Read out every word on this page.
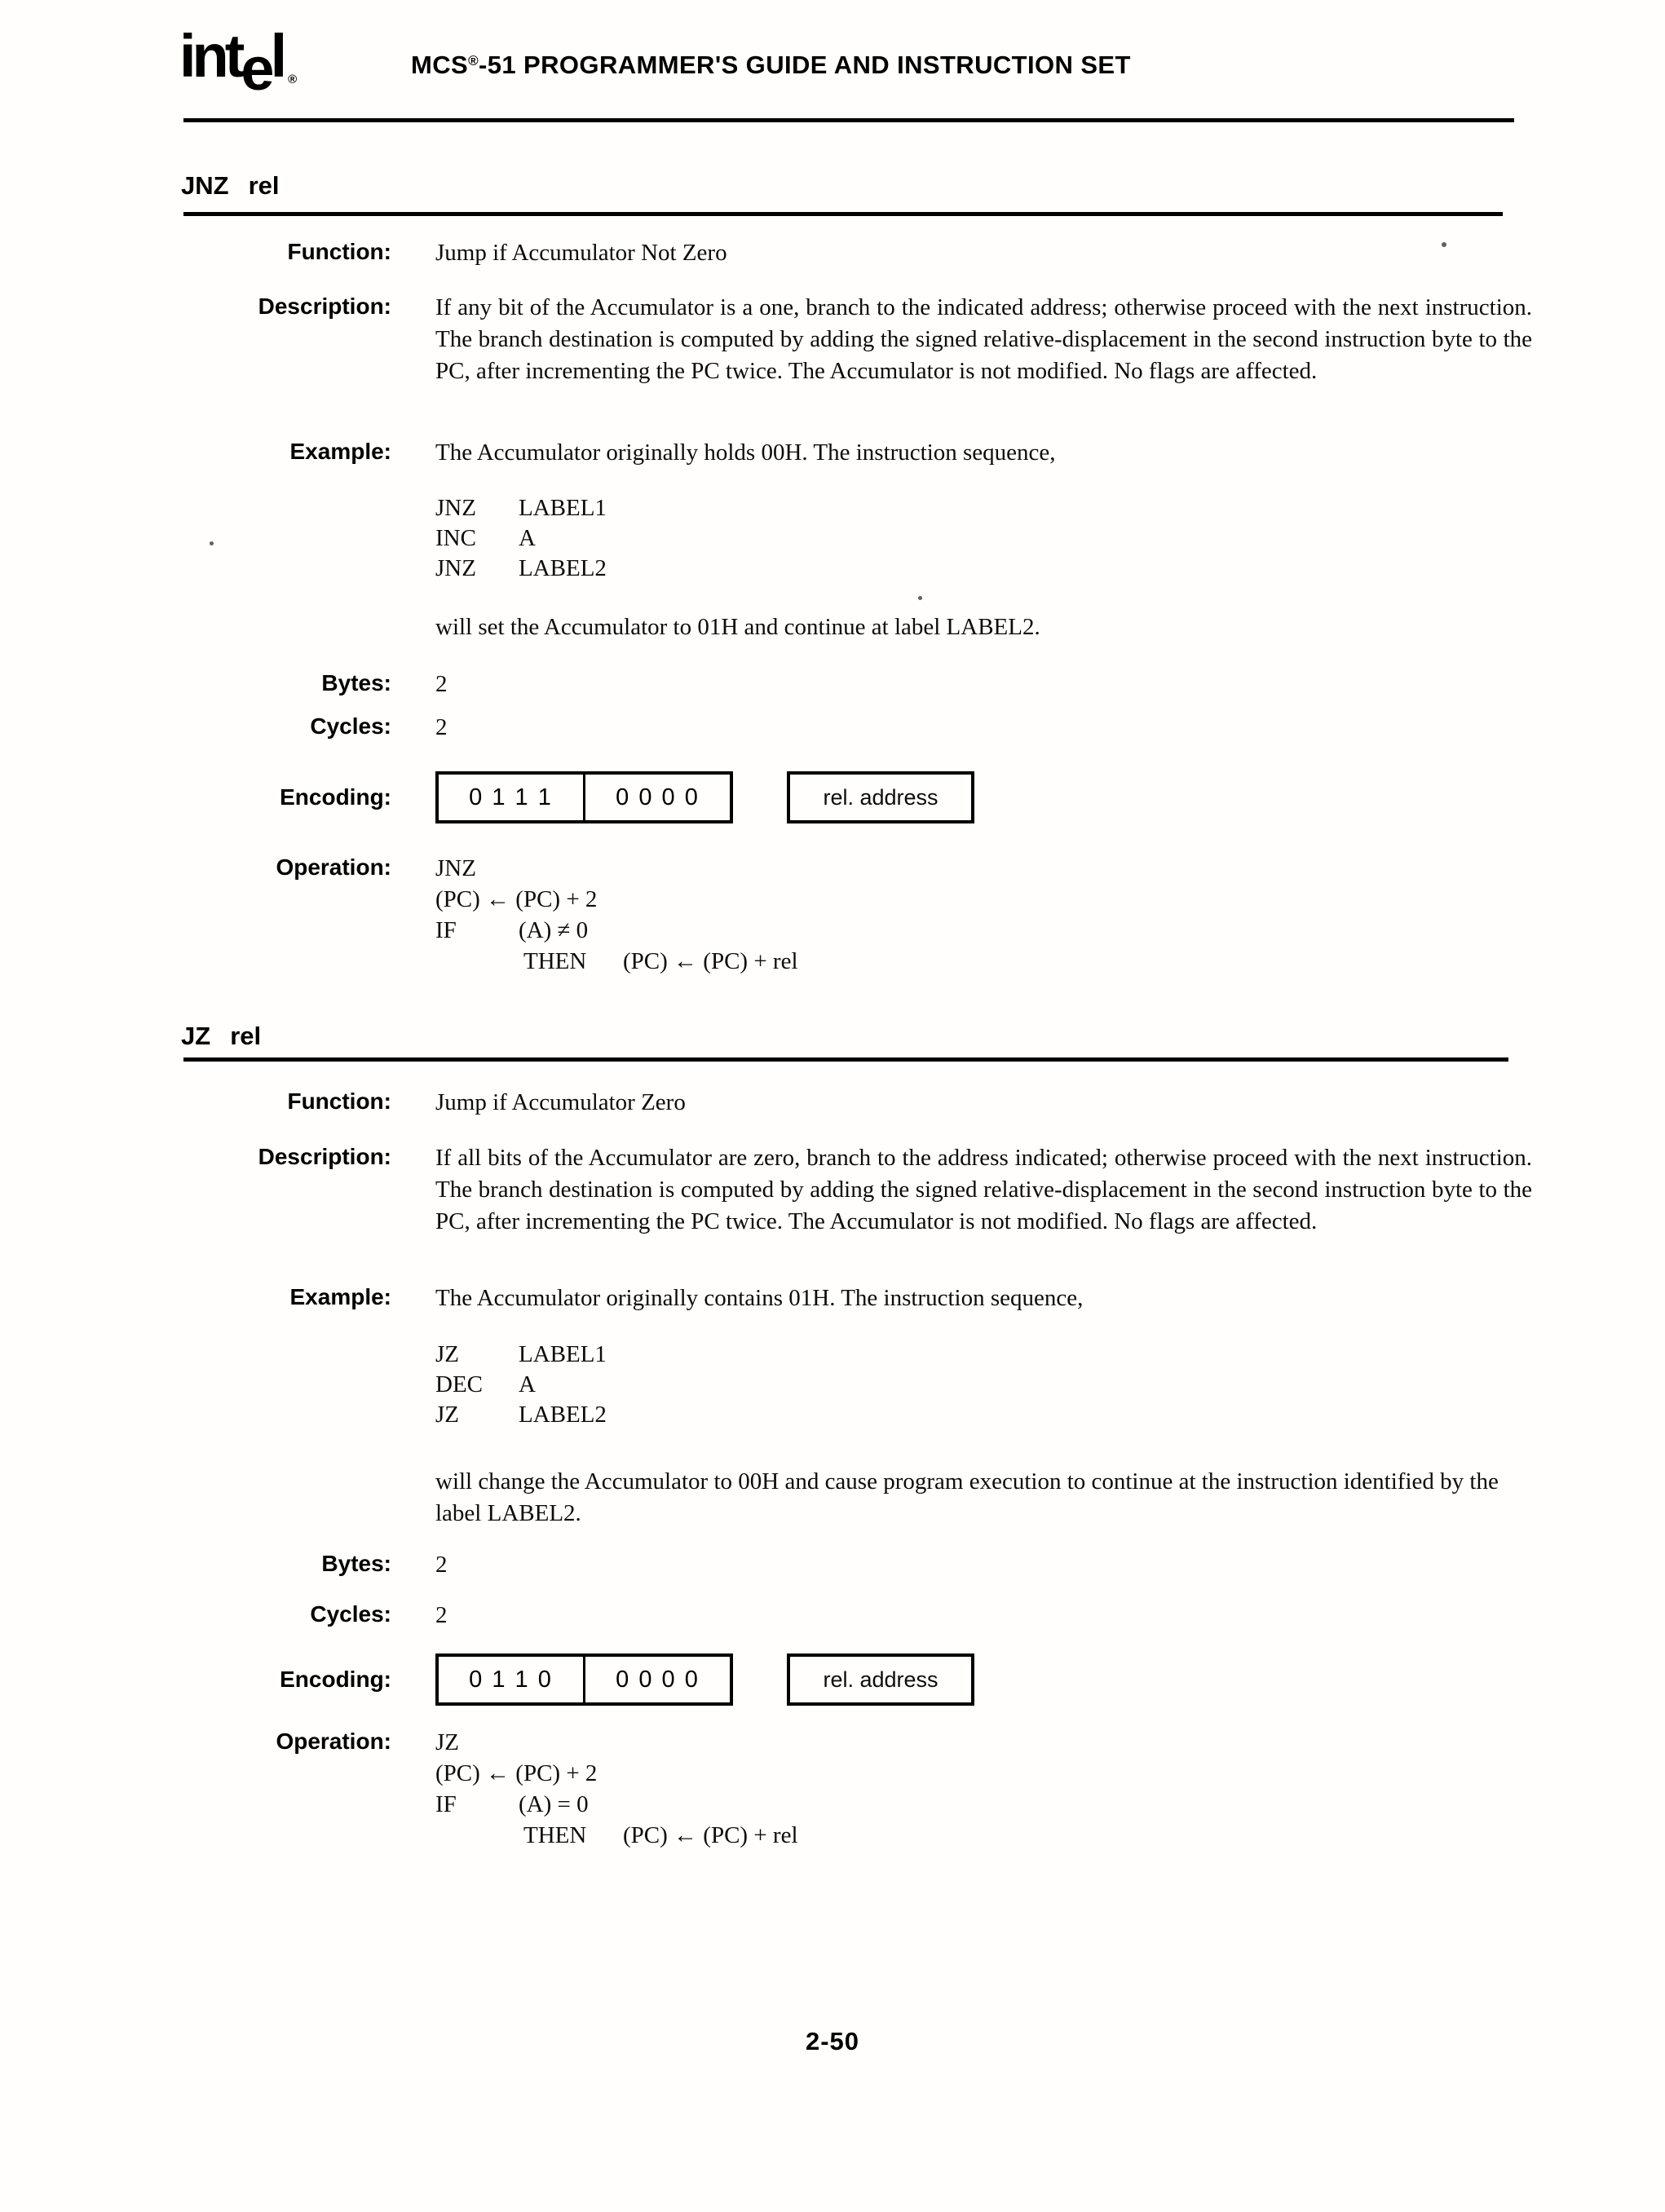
intel ®
MCS®-51 PROGRAMMER'S GUIDE AND INSTRUCTION SET
JNZ rel
Function: Jump if Accumulator Not Zero
Description: If any bit of the Accumulator is a one, branch to the indicated address; otherwise proceed with the next instruction. The branch destination is computed by adding the signed relative-displacement in the second instruction byte to the PC, after incrementing the PC twice. The Accumulator is not modified. No flags are affected.
Example: The Accumulator originally holds 00H. The instruction sequence,
JNZ LABEL1
INC A
JNZ LABEL2
will set the Accumulator to 01H and continue at label LABEL2.
Bytes: 2
Cycles: 2
Encoding:	0 1 1 1	0 0 0 0	rel. address
Operation: JNZ
(PC) ← (PC) + 2
IF	(A) ≠ 0
THEN (PC) ← (PC) + rel
JZ rel
Function: Jump if Accumulator Zero
Description: If all bits of the Accumulator are zero, branch to the address indicated; otherwise proceed with the next instruction. The branch destination is computed by adding the signed relative-displacement in the second instruction byte to the PC, after incrementing the PC twice. The Accumulator is not modified. No flags are affected.
Example: The Accumulator originally contains 01H. The instruction sequence,
JZ	LABEL1
DEC A
JZ	LABEL2
will change the Accumulator to 00H and cause program execution to continue at the instruction identified by the label LABEL2.
Bytes: 2
Cycles: 2
Encoding:	0 1 1 0	0 0 0 0	rel. address
Operation: JZ
(PC) ← (PC) + 2
IF	(A) = 0
THEN (PC) ← (PC) + rel
2-50
